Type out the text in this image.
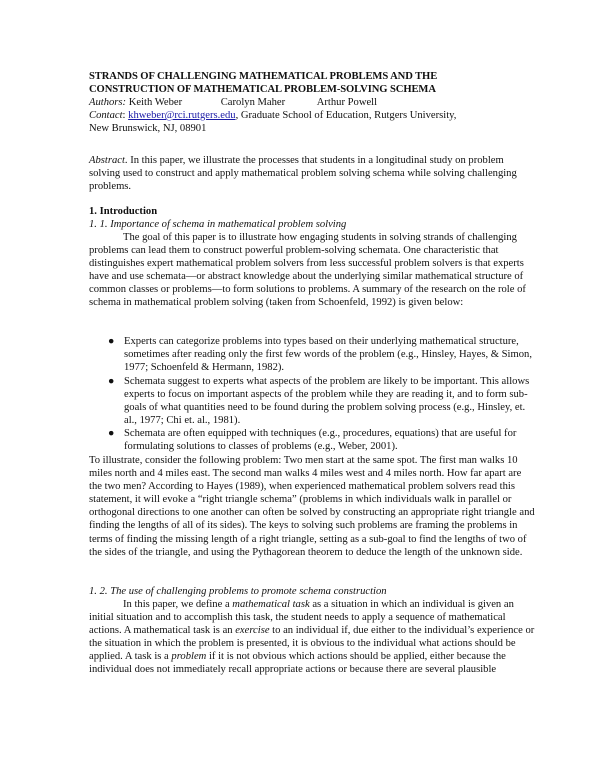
STRANDS OF CHALLENGING MATHEMATICAL PROBLEMS AND THE
CONSTRUCTION OF MATHEMATICAL PROBLEM-SOLVING SCHEMA

Authors: Keith Weber	Carolyn Maher	Arthur Powell

Contact: khweber@rci.rutgers.edu, Graduate School of Education, Rutgers University,
New Brunswick, NJ, 08901

Abstract. In this paper, we illustrate the processes that students in a longitudinal study on problem solving used to construct and apply mathematical problem solving schema while solving challenging problems.

1. Introduction

1. 1. Importance of schema in mathematical problem solving

The goal of this paper is to illustrate how engaging students in solving strands of challenging problems can lead them to construct powerful problem-solving schemata. One characteristic that distinguishes expert mathematical problem solvers from less successful problem solvers is that experts have and use schemata—or abstract knowledge about the underlying similar mathematical structure of common classes or problems—to form solutions to problems. A summary of the research on the role of schema in mathematical problem solving (taken from Schoenfeld, 1992) is given below:

● Experts can categorize problems into types based on their underlying mathematical structure, sometimes after reading only the first few words of the problem (e.g., Hinsley, Hayes, & Simon, 1977; Schoenfeld & Hermann, 1982).
● Schemata suggest to experts what aspects of the problem are likely to be important. This allows experts to focus on important aspects of the problem while they are reading it, and to form sub-goals of what quantities need to be found during the problem solving process (e.g., Hinsley, et. al., 1977; Chi et. al., 1981).
● Schemata are often equipped with techniques (e.g., procedures, equations) that are useful for formulating solutions to classes of problems (e.g., Weber, 2001).

To illustrate, consider the following problem: Two men start at the same spot. The first man walks 10 miles north and 4 miles east. The second man walks 4 miles west and 4 miles north. How far apart are the two men? According to Hayes (1989), when experienced mathematical problem solvers read this statement, it will evoke a “right triangle schema” (problems in which individuals walk in parallel or orthogonal directions to one another can often be solved by constructing an appropriate right triangle and finding the lengths of all of its sides). The keys to solving such problems are framing the problems in terms of finding the missing length of a right triangle, setting as a sub-goal to find the lengths of two of the sides of the triangle, and using the Pythagorean theorem to deduce the length of the unknown side.

1. 2. The use of challenging problems to promote schema construction

In this paper, we define a mathematical task as a situation in which an individual is given an initial situation and to accomplish this task, the student needs to apply a sequence of mathematical actions. A mathematical task is an exercise to an individual if, due either to the individual’s experience or the situation in which the problem is presented, it is obvious to the individual what actions should be applied. A task is a problem if it is not obvious which actions should be applied, either because the individual does not immediately recall appropriate actions or because there are several plausible
